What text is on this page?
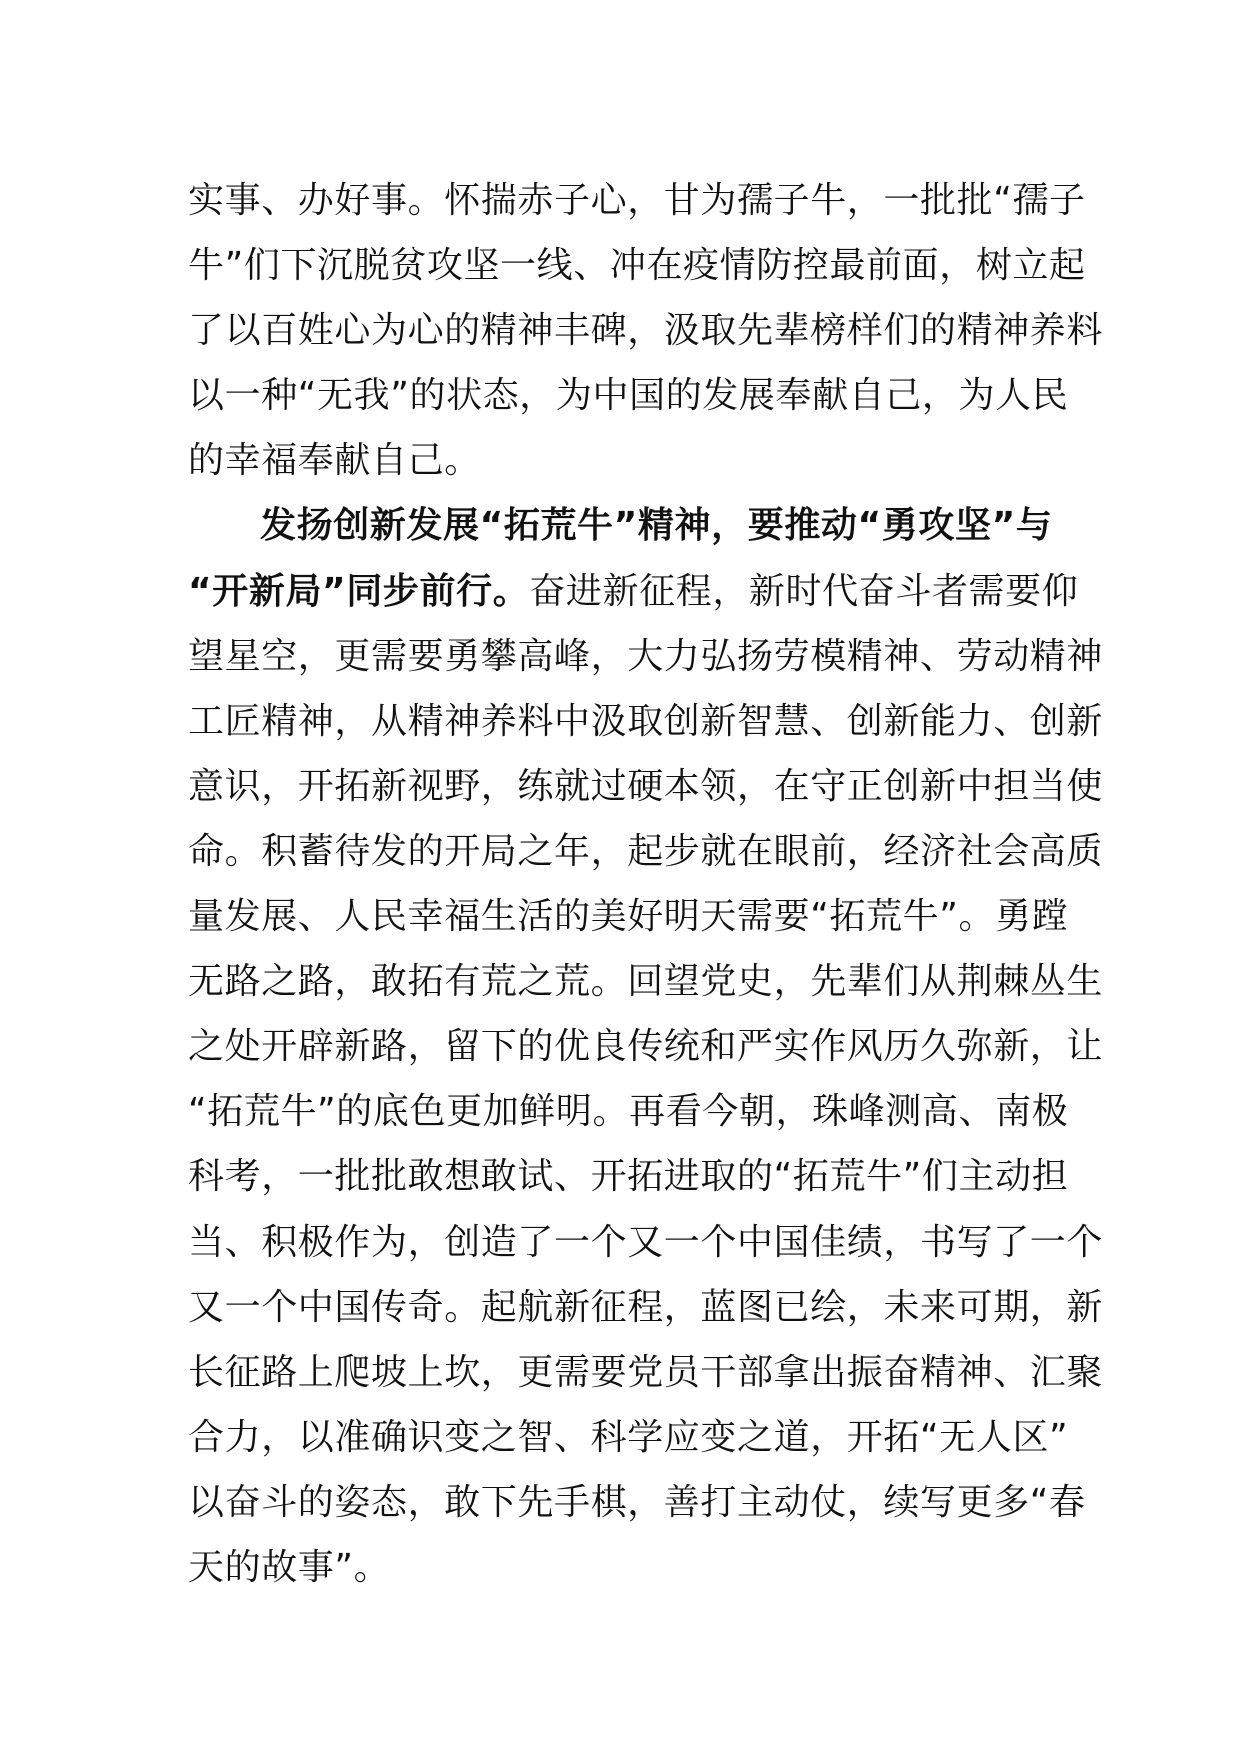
实事、办好事。怀揣赤子心，甘为孺子牛，一批批“孺子
牛”们下沉脱贫攻坚一线、冲在疫情防控最前面，树立起
了以百姓心为心的精神丰碑，汲取先辈榜样们的精神养料
以一种“无我”的状态，为中国的发展奉献自己，为人民
的幸福奉献自己。
发扬创新发展“拓荒牛”精神，要推动“勇攻坚”与
“开新局”同步前行。奋进新征程，新时代奋斗者需要仰
望星空，更需要勇攀高峰，大力弘扬劳模精神、劳动精神
工匠精神，从精神养料中汲取创新智慧、创新能力、创新
意识，开拓新视野，练就过硬本领，在守正创新中担当使
命。积蓄待发的开局之年，起步就在眼前，经济社会高质
量发展、人民幸福生活的美好明天需要“拓荒牛”。勇蹚
无路之路，敢拓有荒之荒。回望党史，先辈们从荆棘丛生
之处开辟新路，留下的优良传统和严实作风历久弥新，让
“拓荒牛”的底色更加鲜明。再看今朝，珠峰测高、南极
科考，一批批敢想敢试、开拓进取的“拓荒牛”们主动担
当、积极作为，创造了一个又一个中国佳绩，书写了一个
又一个中国传奇。起航新征程，蓝图已绘，未来可期，新
长征路上爬坡上坎，更需要党员干部拿出振奋精神、汇聚
合力，以准确识变之智、科学应变之道，开拓“无人区”
以奋斗的姿态，敢下先手棋，善打主动仗，续写更多“春
天的故事”。
